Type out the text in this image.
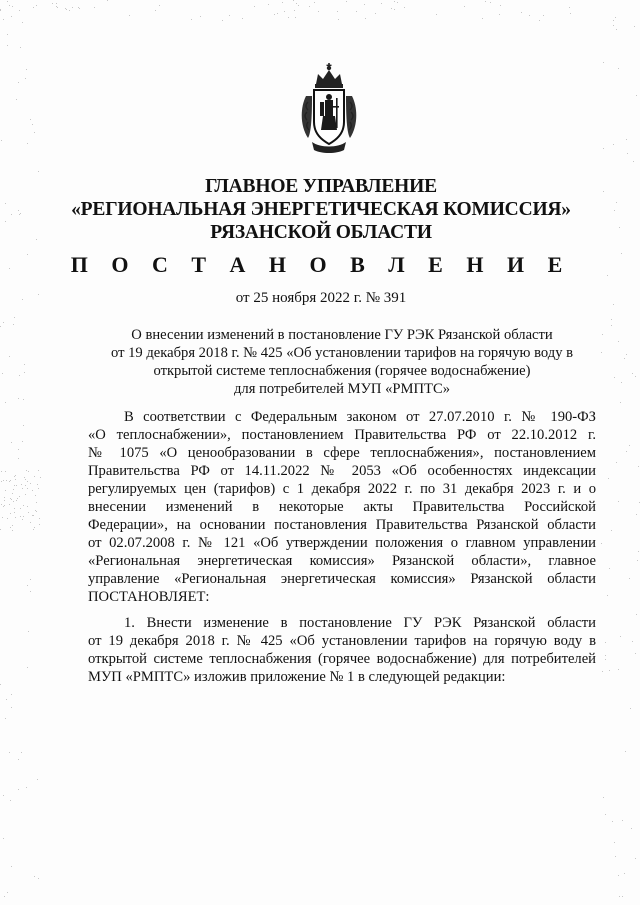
ГЛАВНОЕ УПРАВЛЕНИЕ
«РЕГИОНАЛЬНАЯ ЭНЕРГЕТИЧЕСКАЯ КОМИССИЯ»
РЯЗАНСКОЙ ОБЛАСТИ
П О С Т А Н О В Л Е Н И Е
от 25 ноября 2022 г. № 391
О внесении изменений в постановление ГУ РЭК Рязанской области
от 19 декабря 2018 г. № 425 «Об установлении тарифов на горячую воду в
открытой системе теплоснабжения (горячее водоснабжение)
для потребителей МУП «РМПТС»
В соответствии с Федеральным законом от 27.07.2010 г. № 190-ФЗ
«О теплоснабжении», постановлением Правительства РФ от 22.10.2012 г.
№ 1075 «О ценообразовании в сфере теплоснабжения», постановлением
Правительства РФ от 14.11.2022 № 2053 «Об особенностях индексации
регулируемых цен (тарифов) с 1 декабря 2022 г. по 31 декабря 2023 г. и о
внесении изменений в некоторые акты Правительства Российской
Федерации», на основании постановления Правительства Рязанской области
от 02.07.2008 г. № 121 «Об утверждении положения о главном управлении
«Региональная энергетическая комиссия» Рязанской области», главное
управление «Региональная энергетическая комиссия» Рязанской области
ПОСТАНОВЛЯЕТ:
1. Внести изменение в постановление ГУ РЭК Рязанской области
от 19 декабря 2018 г. № 425 «Об установлении тарифов на горячую воду в
открытой системе теплоснабжения (горячее водоснабжение) для потребителей
МУП «РМПТС» изложив приложение № 1 в следующей редакции:
